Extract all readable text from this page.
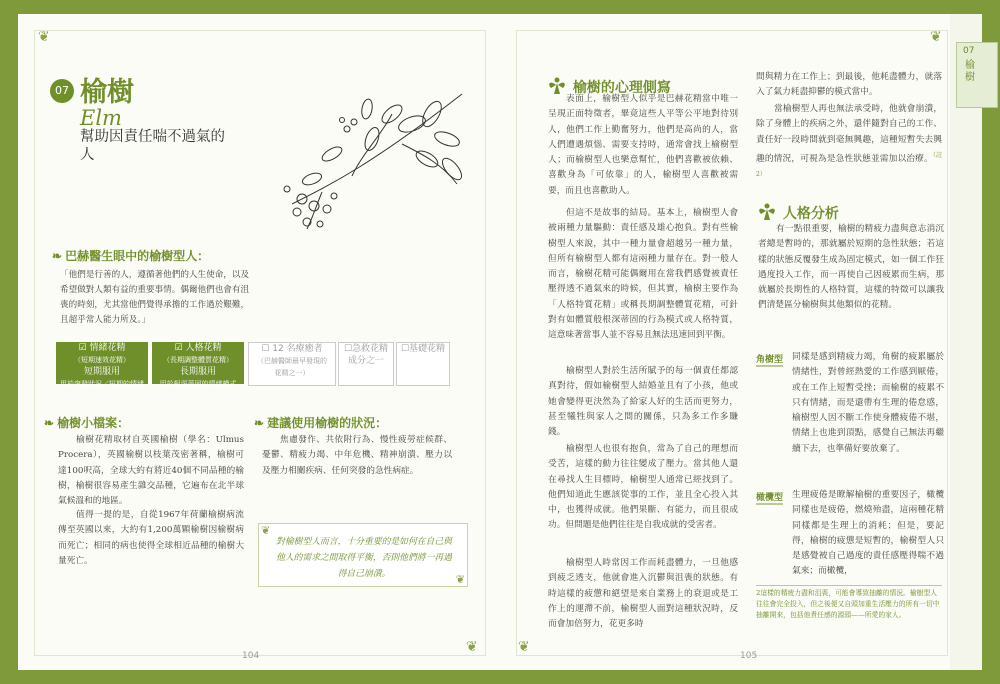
07
榆樹
❦
❦	❦
❦
07 榆樹
Elm
幫助因責任喘不過氣的人
❧ 巴赫醫生眼中的榆樹型人：
「他們是行善的人，遵循著他們的人生使命，以及希望做對人類有益的重要事情。偶爾他們也會有沮喪的時刻，尤其當他們覺得承擔的工作過於艱難，且超乎常人能力所及。」
☑ 情緒花精
（短期速效花精）
短期服用
用於突發狀況／短期的情緒
☑ 人格花精
（長期調整體質花精）
長期服用
用於根深蒂固的情緒模式
☐ 12 名療癒者
（巴赫醫師最早發現的
花精之一）
☐急救花精
成分之一
☐基礎花精
❧ 榆樹小檔案：
榆樹花精取材自英國榆樹（學名：Ulmus Procera），英國榆樹以枝葉茂密著稱，榆樹可達100呎高，全球大約有將近40個不同品種的榆樹，榆樹很容易產生雜交品種，它遍布在北半球氣候溫和的地區。
值得一提的是，自從1967年荷蘭榆樹病流傳至英國以來，大約有1,200萬顆榆樹因榆樹病而死亡；相同的病也使得全球相近品種的榆樹大量死亡。
❧ 建議使用榆樹的狀況：
焦慮發作、共依附行為、慢性疲勞症候群、憂鬱、精疲力竭、中年危機、精神崩潰、壓力以及壓力相關疾病、任何突發的急性病症。
❦
❦
對榆樹型人而言，十分重要的是如何在自己與他人的需求之間取得平衡，否則他們將一再過得自己崩潰。
104
榆樹的心理側寫
表面上，榆樹型人似乎是巴赫花精當中唯一呈現正面特徵者，畢竟這些人平等公平地對待別人，他們工作上勤奮努力，他們是高尚的人，當人們遭遇煩惱、需要支持時，通常會找上榆樹型人；而榆樹型人也樂意幫忙，他們喜歡被依賴、喜歡身為「可依靠」的人，榆樹型人喜歡被需要，而且也喜歡助人。
但這不是故事的結局。基本上，榆樹型人會被兩種力量驅動：責任感及雄心抱負。對有些榆樹型人來說，其中一種力量會超越另一種力量，但所有榆樹型人都有這兩種力量存在。對一般人而言，榆樹花精可能偶爾用在當我們感覺被責任壓得透不過氣來的時候，但其實，榆樹主要作為「人格特質花精」或稱長期調整體質花精，可針對有如體質般根深蒂固的行為模式或人格特質，這意味著當事人並不容易且無法迅速回到平衡。
榆樹型人對於生活所賦予的每一個責任都認真對待，假如榆樹型人結婚並且有了小孩，他或她會變得更決然為了給家人好的生活而更努力，甚至犧牲與家人之間的關係，只為多工作多賺錢。
榆樹型人也很有抱負，常為了自己的理想而受苦，這樣的動力往往變成了壓力。當其他人還在尋找人生目標時，榆樹型人通常已經找到了。他們知道此生應該從事的工作，並且全心投入其中，也獲得成就。他們果斷、有能力，而且很成功。但問題是他們往往是自我成就的受害者。
榆樹型人時常因工作而耗盡體力，一旦他感到疲乏透支，他就會進入沉鬱與沮喪的狀態。有時這樣的疲憊和絕望是來自業務上的衰退或是工作上的運滯不前，榆樹型人面對這種狀況時，反而會加倍努力，花更多時
間與精力在工作上；到最後，他耗盡體力，就落入了氣力耗盡抑鬱的模式當中。
當榆樹型人再也無法承受時，他就會崩潰，除了身體上的疾病之外，還伴隨對自己的工作、責任好一段時間就到毫無興趣，這種短暫失去興趣的情況，可視為是急性狀態並需加以治療。$^{(註2)}$
人格分析
有一點很重要，榆樹的精疲力盡與意志消沉者總是暫時的，那就屬於短期的急性狀態；若這樣的狀態反覆發生成為固定模式，如一個工作狂過度投入工作，而一再使自己因疲累而生病，那就屬於長期性的人格特質，這樣的特徵可以讓我們清楚區分榆樹與其他類似的花精。
角樹型 同樣是感到精疲力竭，角樹的疲累屬於情緒性，對曾經熱愛的工作感到厭倦，或在工作上短暫受挫；而榆樹的疲累不只有情緒，而是還帶有生理的倦怠感，榆樹型人因不斷工作使身體疲倦不堪，情緒上也進到頂點，感覺自己無法再繼續下去，也準備好要放棄了。
橄欖型 生理疲倦是瞭解榆樹的重要因子，橄欖同樣也是疲倦，燃燒殆盡，這兩種花精同樣都是生理上的消耗；但是，要記得，榆樹的疲憊是短暫的，榆樹型人只是感覺被自己過度的責任感壓得喘不過氣來；而橄欖，
2這樣的精疲力盡和沮喪，可能會導致抽離的情況。榆樹型人往往會完全投入，但之後便又自頭加重生活壓力的所有一切中抽離開來，包括他責任感的源頭——所愛的家人。
105
